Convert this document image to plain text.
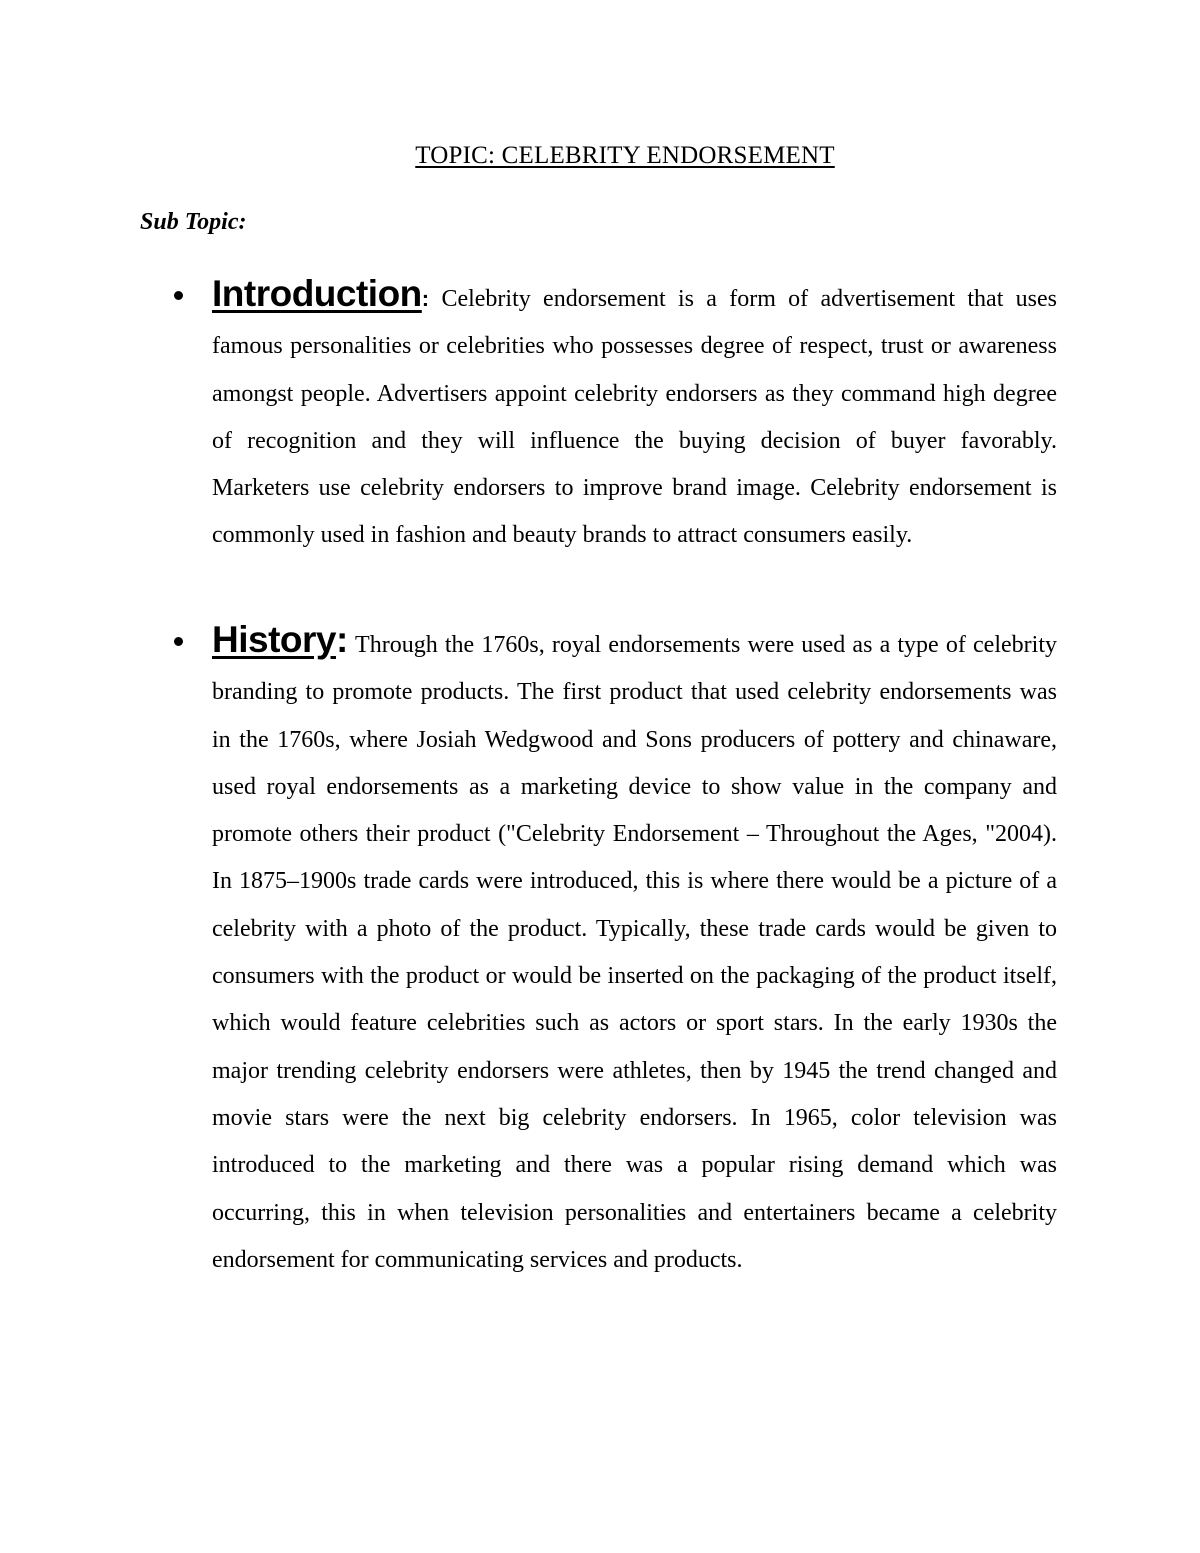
TOPIC: CELEBRITY ENDORSEMENT
Sub Topic:
Introduction: Celebrity endorsement is a form of advertisement that uses famous personalities or celebrities who possesses degree of respect, trust or awareness amongst people. Advertisers appoint celebrity endorsers as they command high degree of recognition and they will influence the buying decision of buyer favorably. Marketers use celebrity endorsers to improve brand image. Celebrity endorsement is commonly used in fashion and beauty brands to attract consumers easily.
History: Through the 1760s, royal endorsements were used as a type of celebrity branding to promote products. The first product that used celebrity endorsements was in the 1760s, where Josiah Wedgwood and Sons producers of pottery and chinaware, used royal endorsements as a marketing device to show value in the company and promote others their product ("Celebrity Endorsement – Throughout the Ages, "2004). In 1875–1900s trade cards were introduced, this is where there would be a picture of a celebrity with a photo of the product. Typically, these trade cards would be given to consumers with the product or would be inserted on the packaging of the product itself, which would feature celebrities such as actors or sport stars. In the early 1930s the major trending celebrity endorsers were athletes, then by 1945 the trend changed and movie stars were the next big celebrity endorsers. In 1965, color television was introduced to the marketing and there was a popular rising demand which was occurring, this in when television personalities and entertainers became a celebrity endorsement for communicating services and products.
